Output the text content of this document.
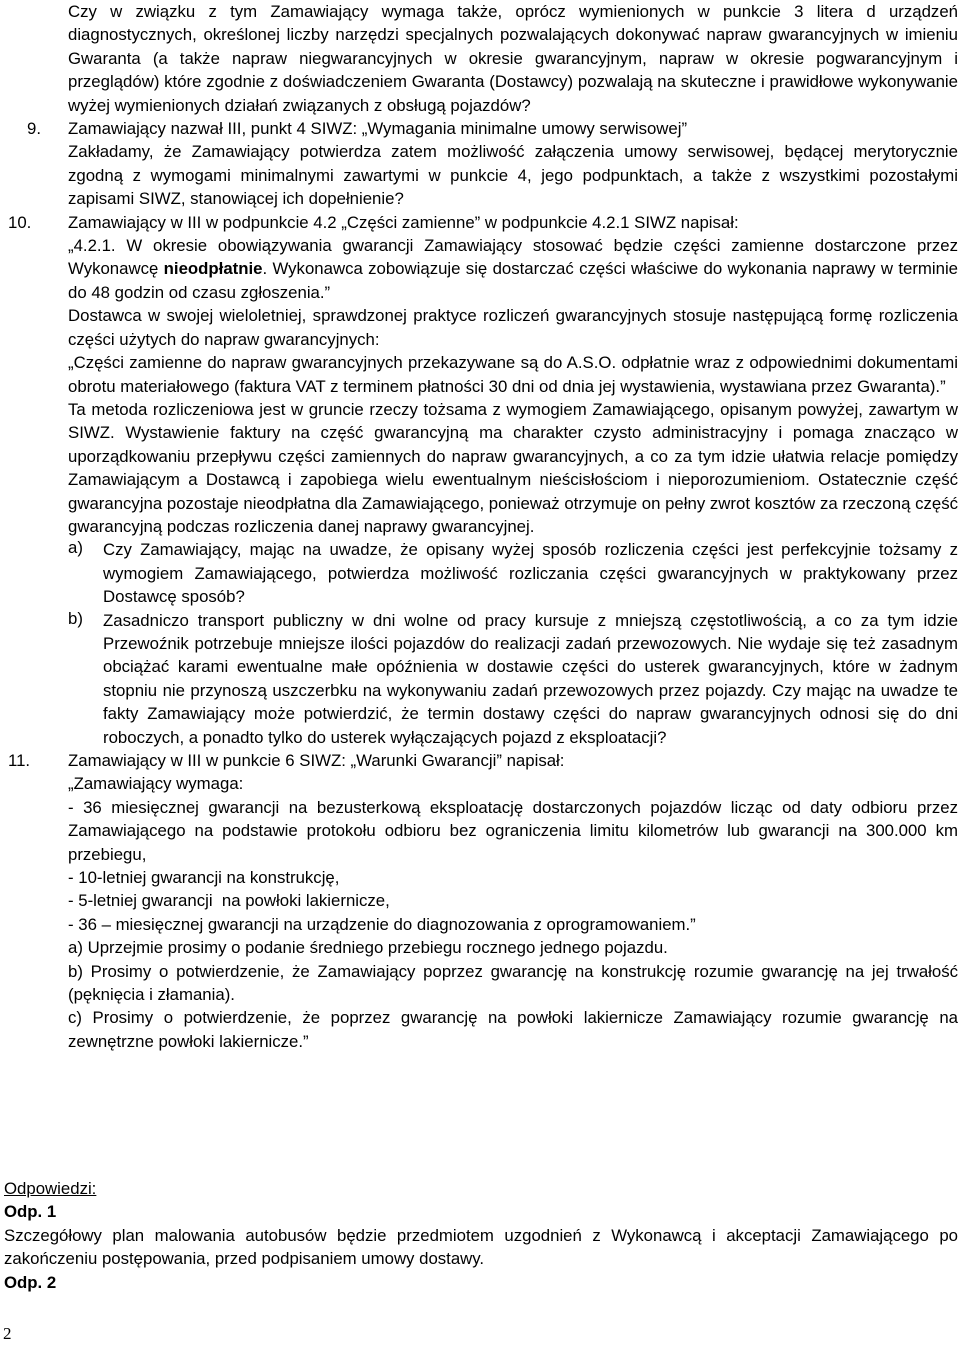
Czy w związku z tym Zamawiający wymaga także, oprócz wymienionych w punkcie 3 litera d urządzeń diagnostycznych, określonej liczby narzędzi specjalnych pozwalających dokonywać napraw gwarancyjnych w imieniu Gwaranta (a także napraw niegwarancyjnych w okresie gwarancyjnym, napraw w okresie pogwarancyjnym i przeglądów) które zgodnie z doświadczeniem Gwaranta (Dostawcy) pozwalają na skuteczne i prawidłowe wykonywanie wyżej wymienionych działań związanych z obsługą pojazdów?

9. Zamawiający nazwał III, punkt 4 SIWZ: „Wymagania minimalne umowy serwisowej”

Zakładamy, że Zamawiający potwierdza zatem możliwość załączenia umowy serwisowej, będącej merytorycznie zgodną z wymogami minimalnymi zawartymi w punkcie 4, jego podpunktach, a także z wszystkimi pozostałymi zapisami SIWZ, stanowiącej ich dopełnienie?

10. Zamawiający w III w podpunkcie 4.2 „Części zamienne” w podpunkcie 4.2.1 SIWZ napisał:

„4.2.1. W okresie obowiązywania gwarancji Zamawiający stosować będzie części zamienne dostarczone przez Wykonawcę nieodpłatnie. Wykonawca zobowiązuje się dostarczać części właściwe do wykonania naprawy w terminie do 48 godzin od czasu zgłoszenia.”

Dostawca w swojej wieloletniej, sprawdzonej praktyce rozliczeń gwarancyjnych stosuje następującą formę rozliczenia części użytych do napraw gwarancyjnych:

„Części zamienne do napraw gwarancyjnych przekazywane są do A.S.O. odpłatnie wraz z odpowiednimi dokumentami obrotu materiałowego (faktura VAT z terminem płatności 30 dni od dnia jej wystawienia, wystawiana przez Gwaranta).”

Ta metoda rozliczeniowa jest w gruncie rzeczy tożsama z wymogiem Zamawiającego, opisanym powyżej, zawartym w SIWZ. Wystawienie faktury na część gwarancyjną ma charakter czysto administracyjny i pomaga znacząco w uporządkowaniu przepływu części zamiennych do napraw gwarancyjnych, a co za tym idzie ułatwia relacje pomiędzy Zamawiającym a Dostawcą i zapobiega wielu ewentualnym nieścisłościom i nieporozumieniom. Ostatecznie część gwarancyjna pozostaje nieodpłatna dla Zamawiającego, ponieważ otrzymuje on pełny zwrot kosztów za rzeczoną część gwarancyjną podczas rozliczenia danej naprawy gwarancyjnej.

a) Czy Zamawiający, mając na uwadze, że opisany wyżej sposób rozliczenia części jest perfekcyjnie tożsamy z wymogiem Zamawiającego, potwierdza możliwość rozliczania części gwarancyjnych w praktykowany przez Dostawcę sposób?

b) Zasadniczo transport publiczny w dni wolne od pracy kursuje z mniejszą częstotliwością, a co za tym idzie Przewoźnik potrzebuje mniejsze ilości pojazdów do realizacji zadań przewozowych. Nie wydaje się też zasadnym obciążać karami ewentualne małe opóźnienia w dostawie części do usterek gwarancyjnych, które w żadnym stopniu nie przynoszą uszczerbku na wykonywaniu zadań przewozowych przez pojazdy. Czy mając na uwadze te fakty Zamawiający może potwierdzić, że termin dostawy części do napraw gwarancyjnych odnosi się do dni roboczych, a ponadto tylko do usterek wyłączających pojazd z eksploatacji?

11. Zamawiający w III w punkcie 6 SIWZ: „Warunki Gwarancji” napisał:

„Zamawiający wymaga:

- 36 miesięcznej gwarancji na bezusterkową eksploatację dostarczonych pojazdów licząc od daty odbioru przez Zamawiającego na podstawie protokołu odbioru bez ograniczenia limitu kilometrów lub gwarancji na 300.000 km przebiegu,

- 10-letniej gwarancji na konstrukcję,

- 5-letniej gwarancji  na powłoki lakiernicze,

- 36 – miesięcznej gwarancji na urządzenie do diagnozowania z oprogramowaniem.”

a) Uprzejmie prosimy o podanie średniego przebiegu rocznego jednego pojazdu.

b) Prosimy o potwierdzenie, że Zamawiający poprzez gwarancję na konstrukcję rozumie gwarancję na jej trwałość (pęknięcia i złamania).

c) Prosimy o potwierdzenie, że poprzez gwarancję na powłoki lakiernicze Zamawiający rozumie gwarancję na zewnętrzne powłoki lakiernicze.”

Odpowiedzi:

Odp. 1

Szczegółowy plan malowania autobusów będzie przedmiotem uzgodnień z Wykonawcą i akceptacji Zamawiającego po zakończeniu postępowania, przed podpisaniem umowy dostawy.

Odp. 2

2
